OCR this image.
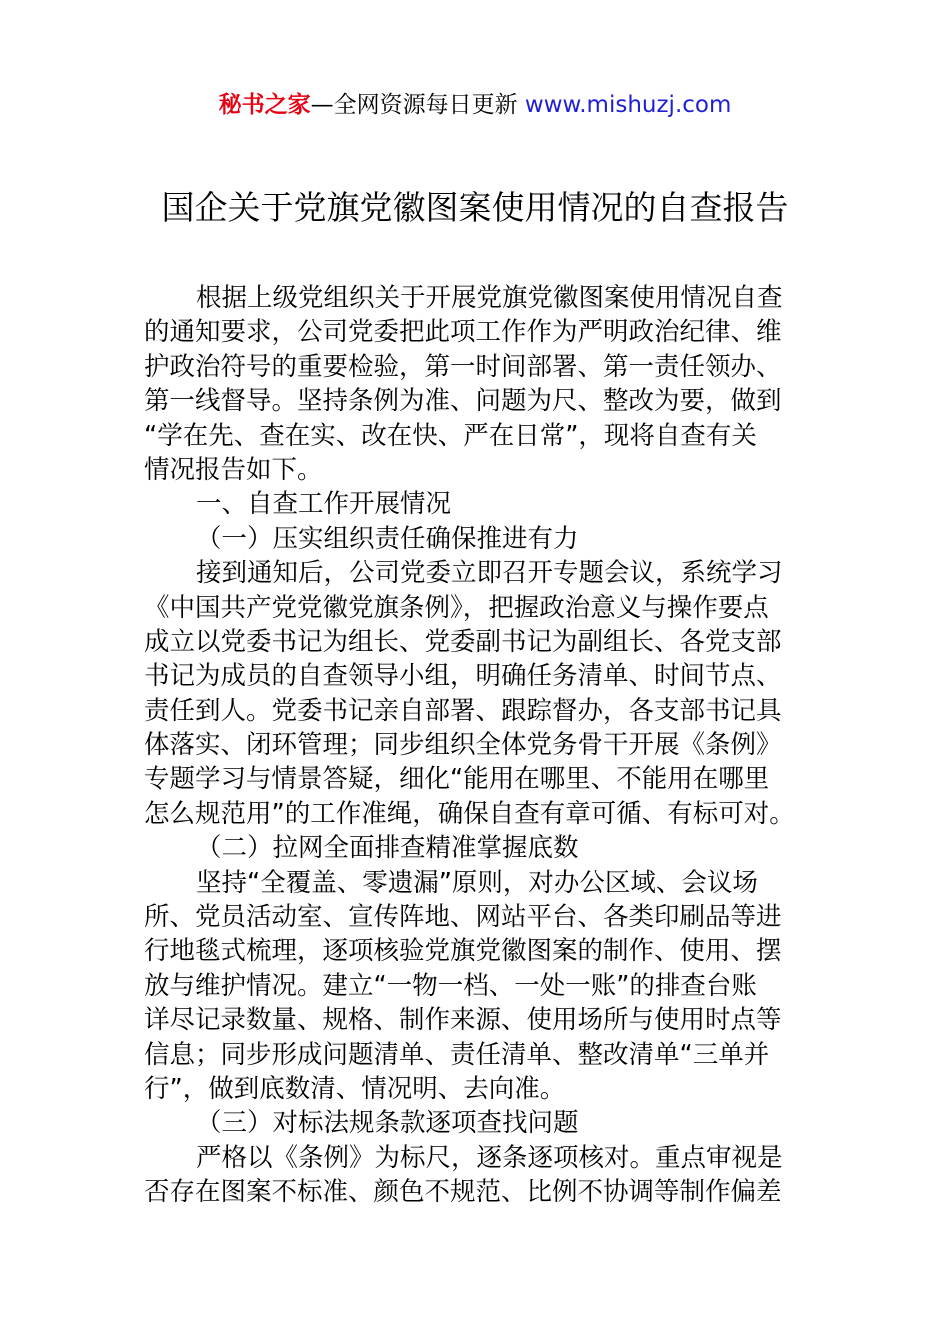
秘书之家—全网资源每日更新 www.mishuzj.com
国企关于党旗党徽图案使用情况的自查报告
根据上级党组织关于开展党旗党徽图案使用情况自查
的通知要求，公司党委把此项工作作为严明政治纪律、维
护政治符号的重要检验，第一时间部署、第一责任领办、
第一线督导。坚持条例为准、问题为尺、整改为要，做到
“学在先、查在实、改在快、严在日常”，现将自查有关
情况报告如下。
一、自查工作开展情况
（一）压实组织责任确保推进有力
接到通知后，公司党委立即召开专题会议，系统学习
《中国共产党党徽党旗条例》，把握政治意义与操作要点
成立以党委书记为组长、党委副书记为副组长、各党支部
书记为成员的自查领导小组，明确任务清单、时间节点、
责任到人。党委书记亲自部署、跟踪督办，各支部书记具
体落实、闭环管理；同步组织全体党务骨干开展《条例》
专题学习与情景答疑，细化“能用在哪里、不能用在哪里
怎么规范用”的工作准绳，确保自查有章可循、有标可对。
（二）拉网全面排查精准掌握底数
坚持“全覆盖、零遗漏”原则，对办公区域、会议场
所、党员活动室、宣传阵地、网站平台、各类印刷品等进
行地毯式梳理，逐项核验党旗党徽图案的制作、使用、摆
放与维护情况。建立“一物一档、一处一账”的排查台账
详尽记录数量、规格、制作来源、使用场所与使用时点等
信息；同步形成问题清单、责任清单、整改清单“三单并
行”，做到底数清、情况明、去向准。
（三）对标法规条款逐项查找问题
严格以《条例》为标尺，逐条逐项核对。重点审视是
否存在图案不标准、颜色不规范、比例不协调等制作偏差
